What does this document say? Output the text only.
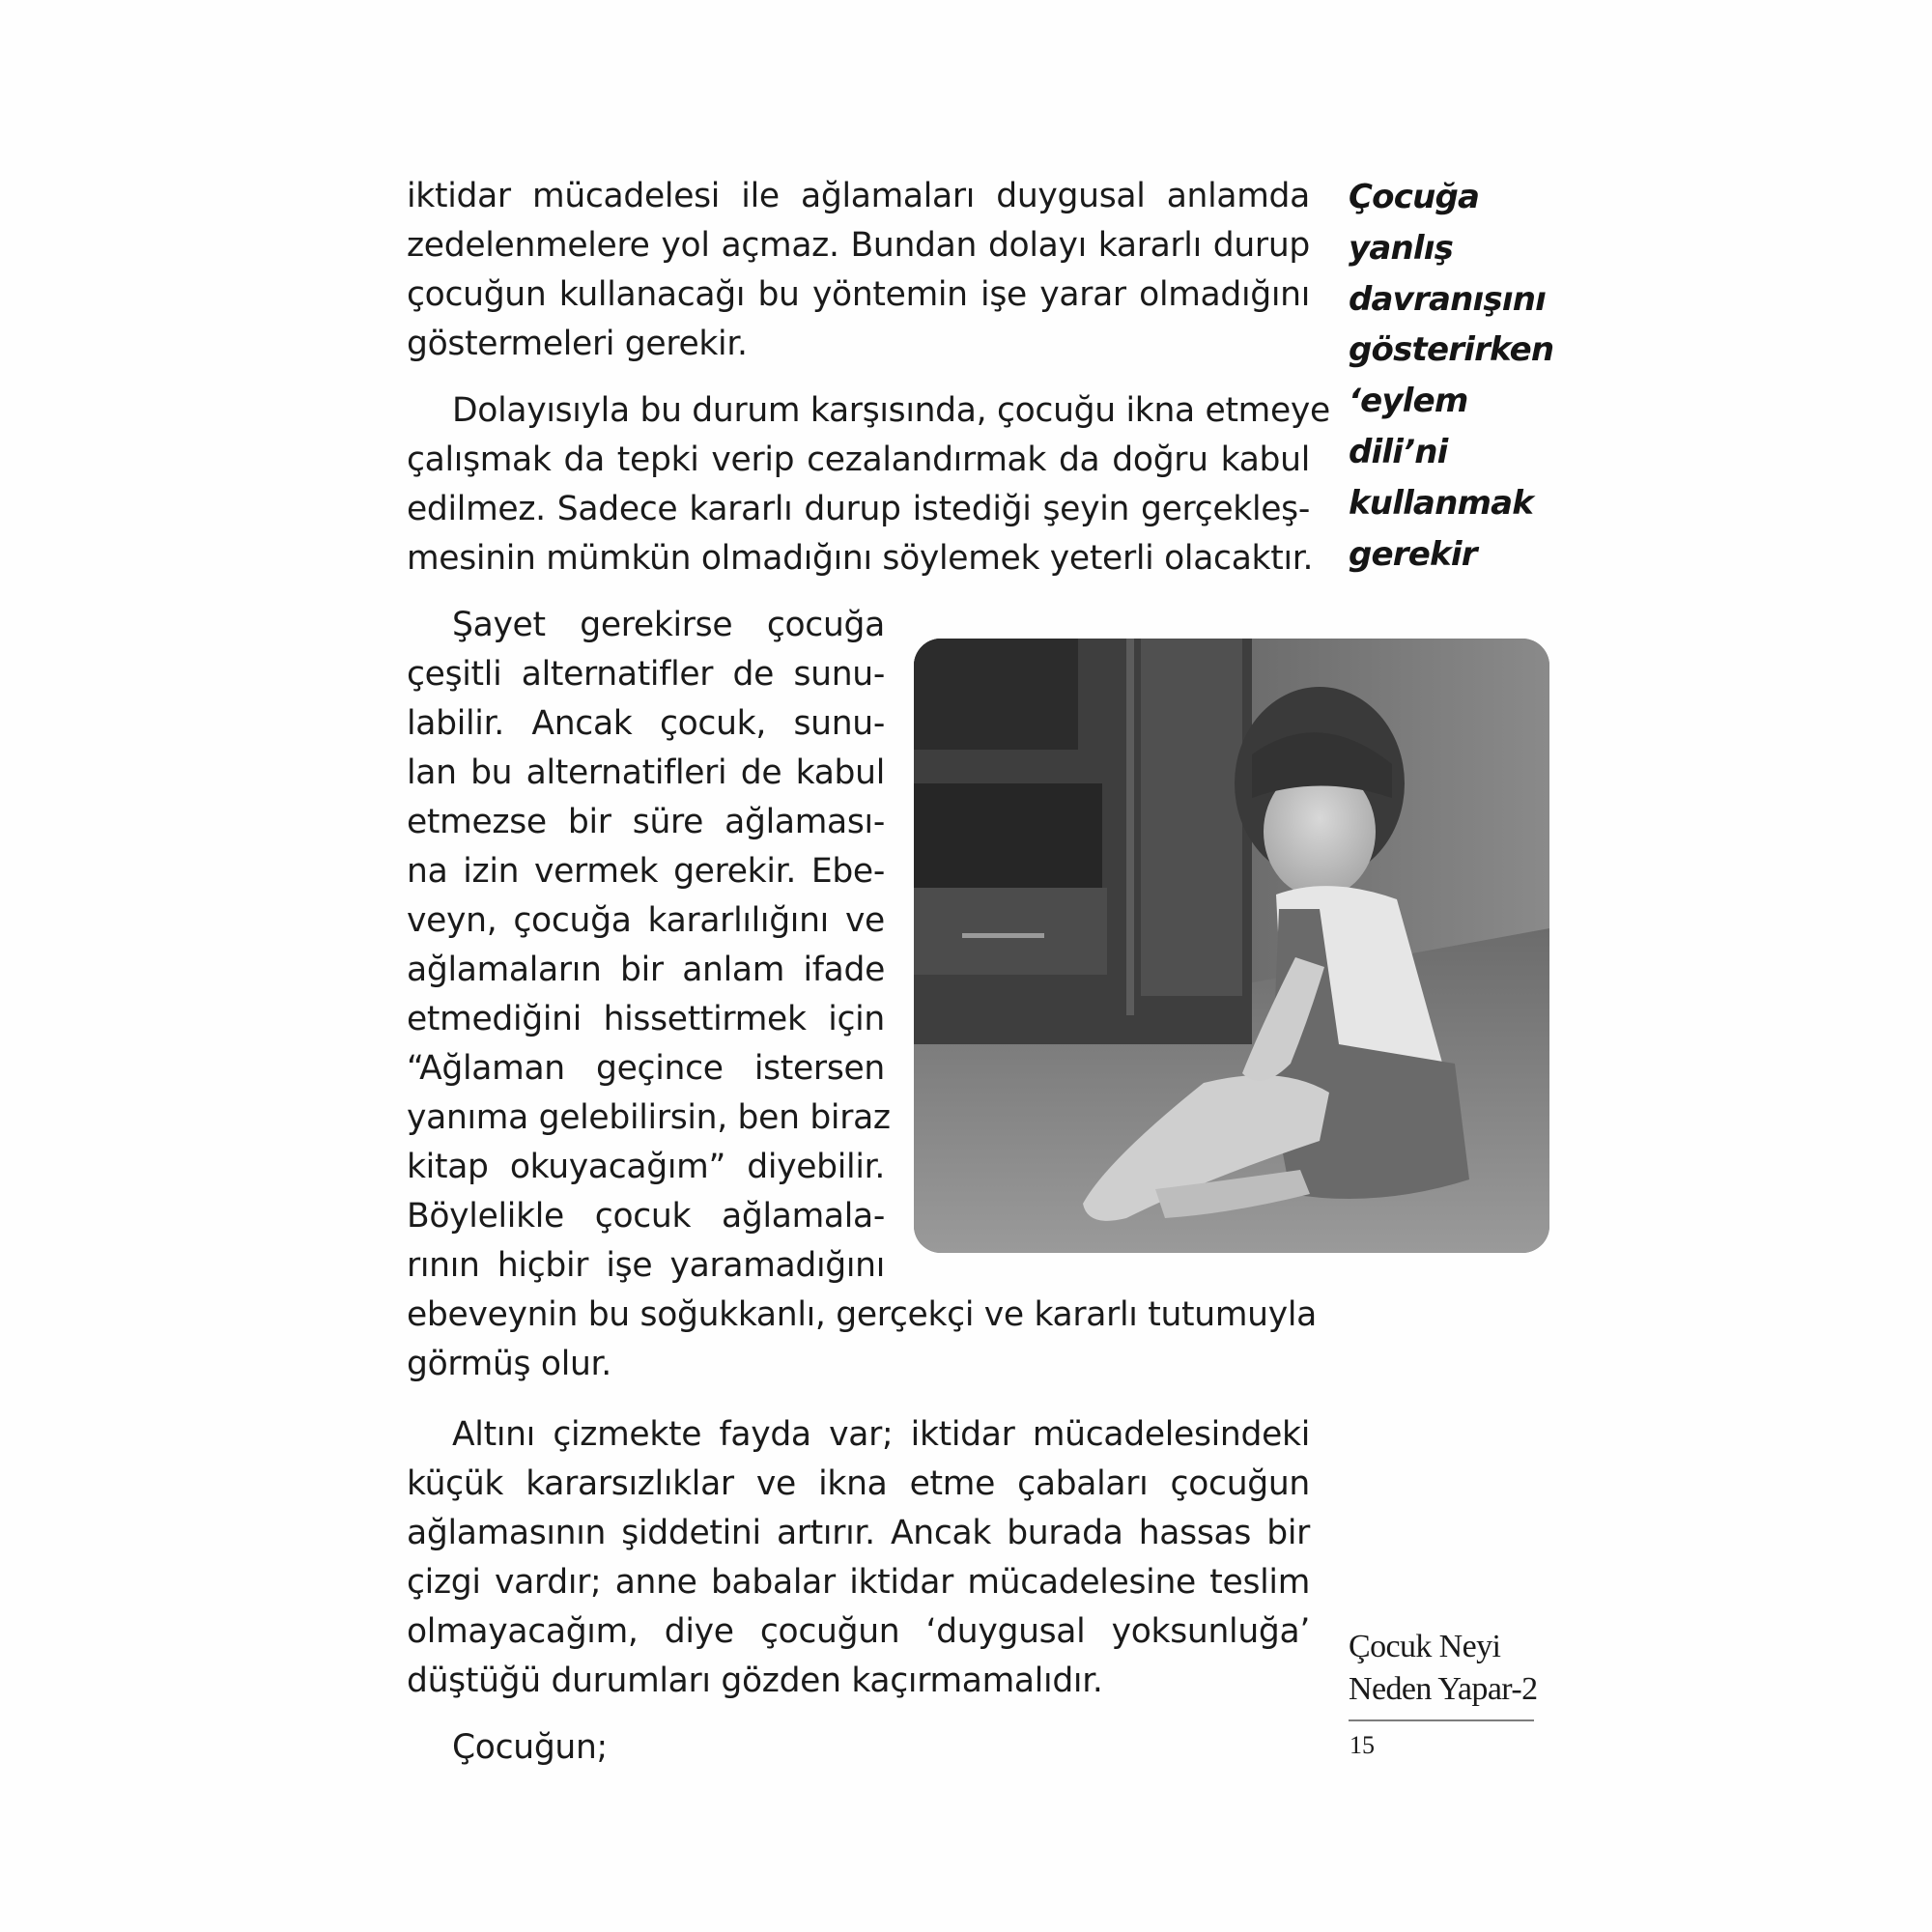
iktidar mücadelesi ile ağlamaları duygusal anlamda
zedelenmelere yol açmaz. Bundan dolayı kararlı durup
çocuğun kullanacağı bu yöntemin işe yarar olmadığını
göstermeleri gerekir.
Dolayısıyla bu durum karşısında, çocuğu ikna etmeye
çalışmak da tepki verip cezalandırmak da doğru kabul
edilmez. Sadece kararlı durup istediği şeyin gerçekleş-
mesinin mümkün olmadığını söylemek yeterli olacaktır.
Şayet gerekirse çocuğa
çeşitli alternatifler de sunu-
labilir. Ancak çocuk, sunu-
lan bu alternatifleri de kabul
etmezse bir süre ağlaması-
na izin vermek gerekir. Ebe-
veyn, çocuğa kararlılığını ve
ağlamaların bir anlam ifade
etmediğini hissettirmek için
“Ağlaman geçince istersen
yanıma gelebilirsin, ben biraz
kitap okuyacağım” diyebilir.
Böylelikle çocuk ağlamala-
rının hiçbir işe yaramadığını
ebeveynin bu soğukkanlı, gerçekçi ve kararlı tutumuyla
görmüş olur.
Altını çizmekte fayda var; iktidar mücadelesindeki
küçük kararsızlıklar ve ikna etme çabaları çocuğun
ağlamasının şiddetini artırır. Ancak burada hassas bir
çizgi vardır; anne babalar iktidar mücadelesine teslim
olmayacağım, diye çocuğun ‘duygusal yoksunluğa’
düştüğü durumları gözden kaçırmamalıdır.
Çocuğun;
Çocuğa
yanlış
davranışını
gösterirken
‘eylem
dili’ni
kullanmak
gerekir
Çocuk Neyi
Neden Yapar-2
15
